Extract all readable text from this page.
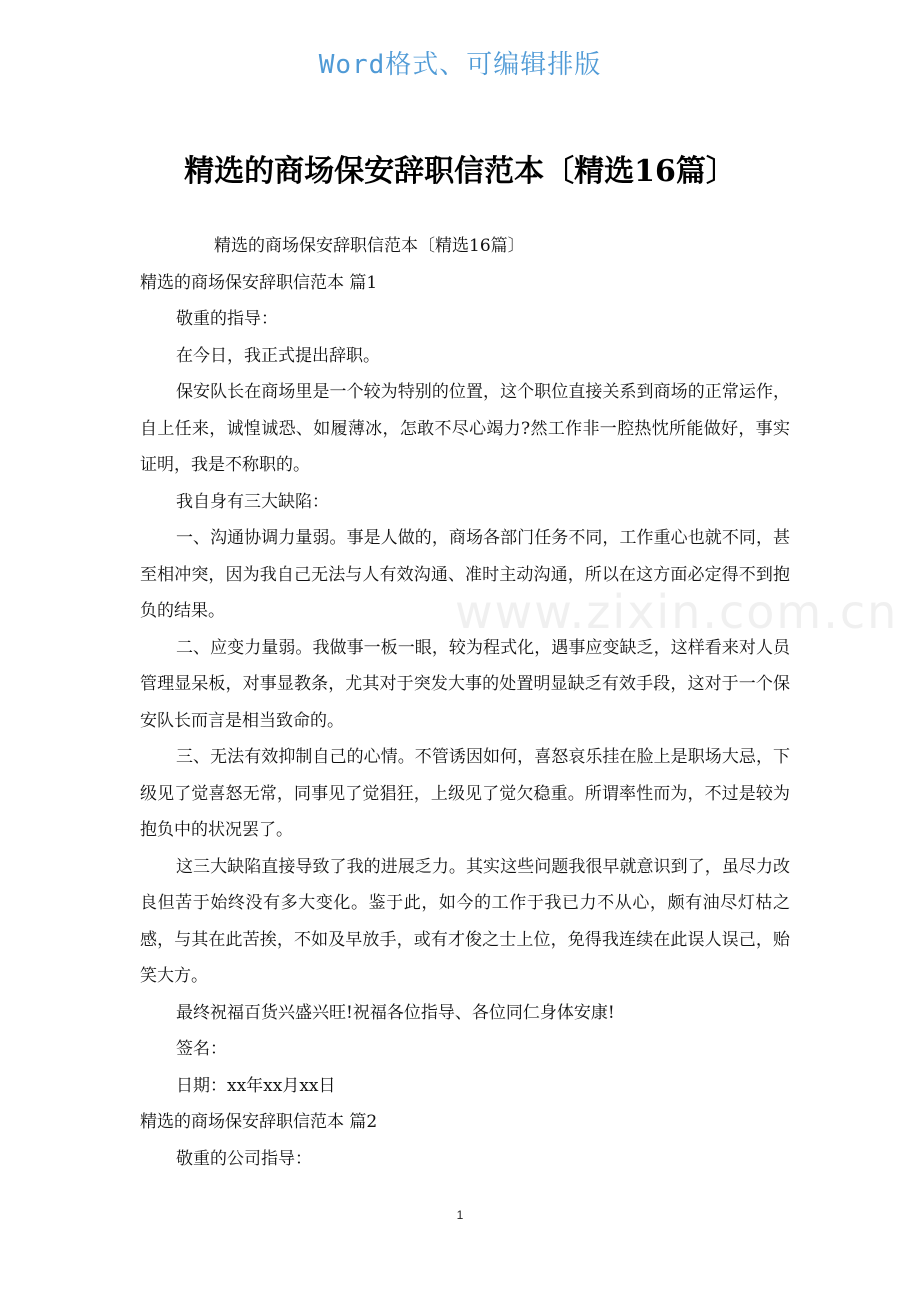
Word格式、可编辑排版
精选的商场保安辞职信范本〔精选16篇〕
www.zixin.com.cn

精选的商场保安辞职信范本〔精选16篇〕

精选的商场保安辞职信范本 篇1

敬重的指导：

在今日，我正式提出辞职。

保安队长在商场里是一个较为特别的位置，这个职位直接关系到商场的正常运作，自上任来，诚惶诚恐、如履薄冰，怎敢不尽心竭力?然工作非一腔热忱所能做好，事实证明，我是不称职的。

我自身有三大缺陷：

一、沟通协调力量弱。事是人做的，商场各部门任务不同，工作重心也就不同，甚至相冲突，因为我自己无法与人有效沟通、准时主动沟通，所以在这方面必定得不到抱负的结果。

二、应变力量弱。我做事一板一眼，较为程式化，遇事应变缺乏，这样看来对人员管理显呆板，对事显教条，尤其对于突发大事的处置明显缺乏有效手段，这对于一个保安队长而言是相当致命的。

三、无法有效抑制自己的心情。不管诱因如何，喜怒哀乐挂在脸上是职场大忌，下级见了觉喜怒无常，同事见了觉猖狂，上级见了觉欠稳重。所谓率性而为，不过是较为抱负中的状况罢了。

这三大缺陷直接导致了我的进展乏力。其实这些问题我很早就意识到了，虽尽力改良但苦于始终没有多大变化。鉴于此，如今的工作于我已力不从心，颇有油尽灯枯之感，与其在此苦挨，不如及早放手，或有才俊之士上位，免得我连续在此误人误己，贻笑大方。

最终祝福百货兴盛兴旺!祝福各位指导、各位同仁身体安康!

签名：

日期：xx年xx月xx日

精选的商场保安辞职信范本 篇2

敬重的公司指导：

1
